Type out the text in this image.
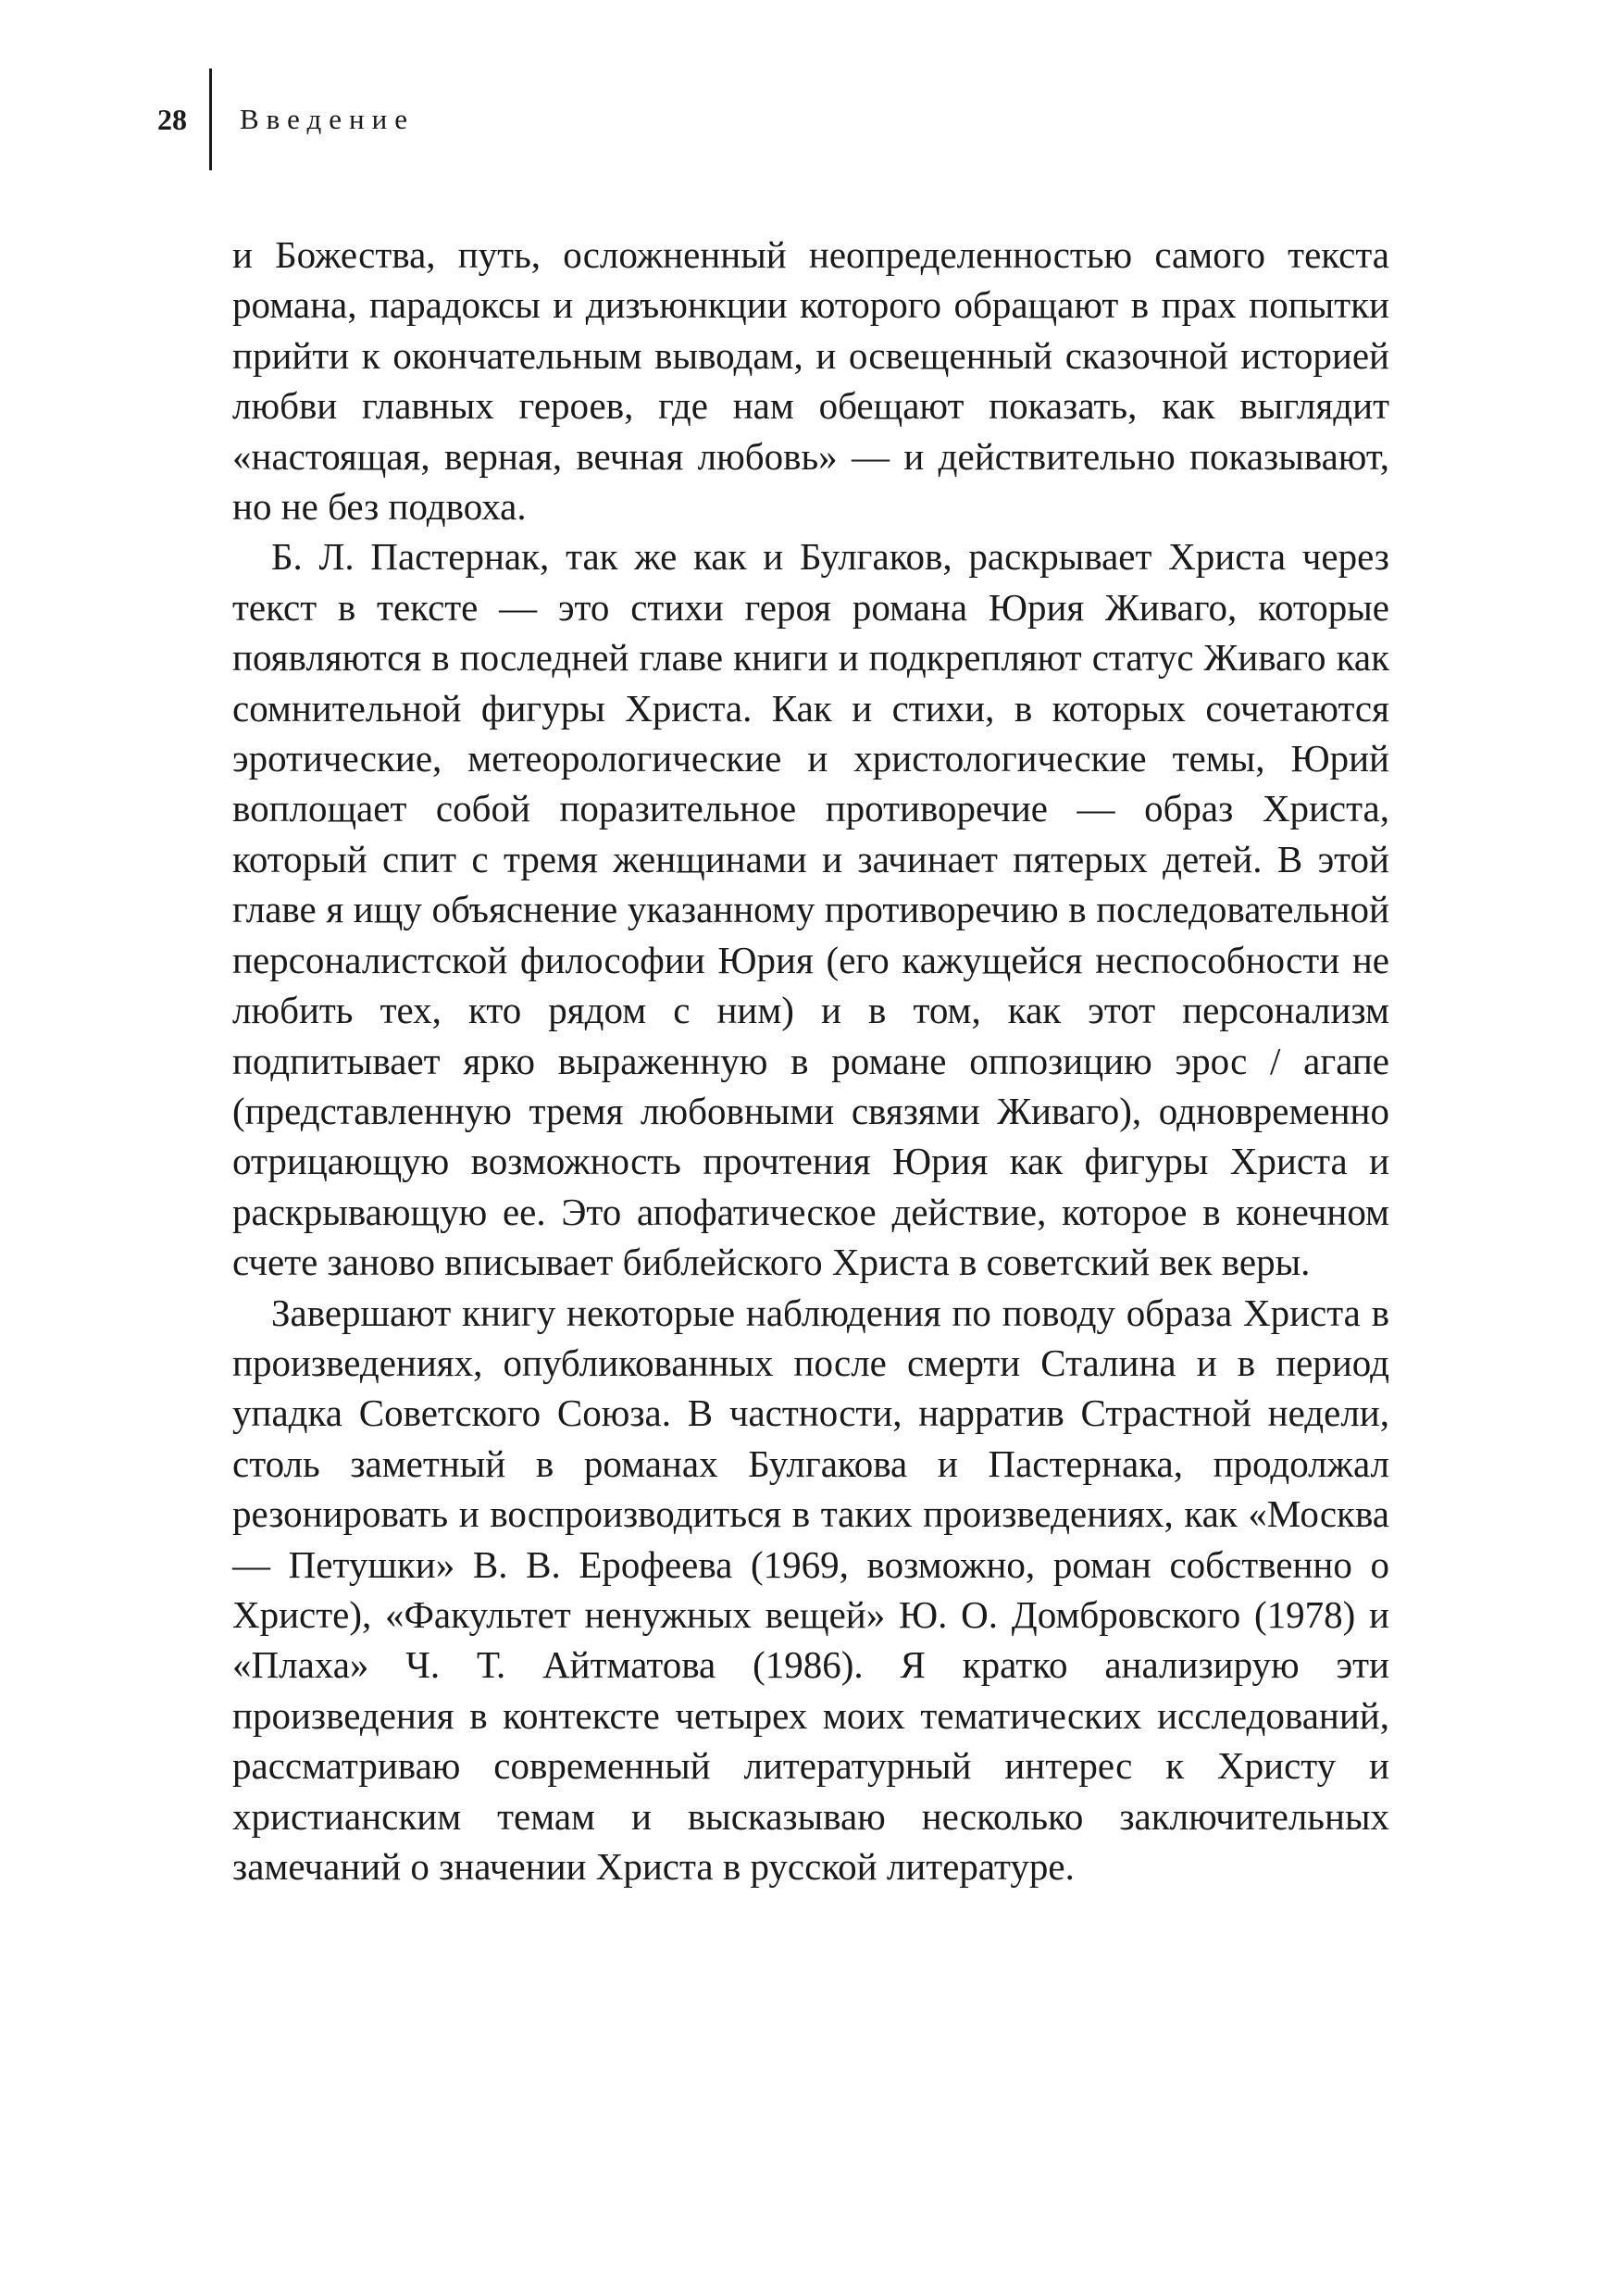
28 Введение

и Божества, путь, осложненный неопределенностью самого текста романа, парадоксы и дизъюнкции которого обращают в прах попытки прийти к окончательным выводам, и освещенный сказочной историей любви главных героев, где нам обещают показать, как выглядит «настоящая, верная, вечная любовь» — и действительно показывают, но не без подвоха.

Б. Л. Пастернак, так же как и Булгаков, раскрывает Христа через текст в тексте — это стихи героя романа Юрия Живаго, которые появляются в последней главе книги и подкрепляют статус Живаго как сомнительной фигуры Христа. Как и стихи, в которых сочетаются эротические, метеорологические и христологические темы, Юрий воплощает собой поразительное противоречие — образ Христа, который спит с тремя женщинами и зачинает пятерых детей. В этой главе я ищу объяснение указанному противоречию в последовательной персоналистской философии Юрия (его кажущейся неспособности не любить тех, кто рядом с ним) и в том, как этот персонализм подпитывает ярко выраженную в романе оппозицию эрос / агапе (представленную тремя любовными связями Живаго), одновременно отрицающую возможность прочтения Юрия как фигуры Христа и раскрывающую ее. Это апофатическое действие, которое в конечном счете заново вписывает библейского Христа в советский век веры.

Завершают книгу некоторые наблюдения по поводу образа Христа в произведениях, опубликованных после смерти Сталина и в период упадка Советского Союза. В частности, нарратив Страстной недели, столь заметный в романах Булгакова и Пастернака, продолжал резонировать и воспроизводиться в таких произведениях, как «Москва — Петушки» В. В. Ерофеева (1969, возможно, роман собственно о Христе), «Факультет ненужных вещей» Ю. О. Домбровского (1978) и «Плаха» Ч. Т. Айтматова (1986). Я кратко анализирую эти произведения в контексте четырех моих тематических исследований, рассматриваю современный литературный интерес к Христу и христианским темам и высказываю несколько заключительных замечаний о значении Христа в русской литературе.
